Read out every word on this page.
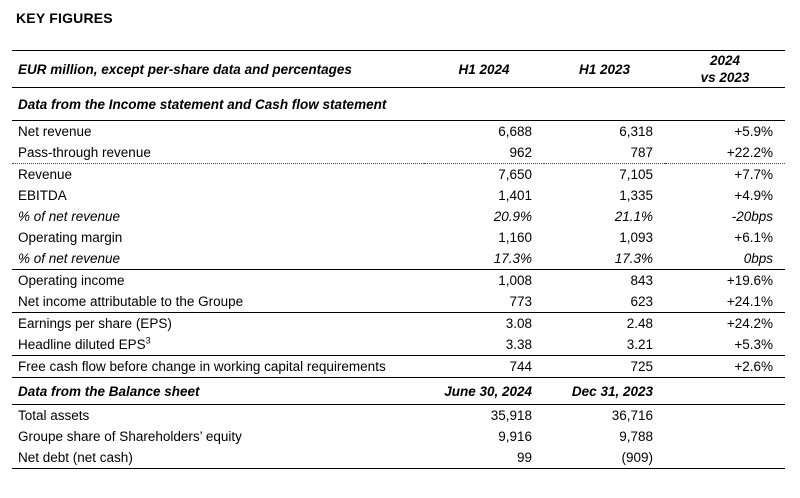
KEY FIGURES
EUR million, except per-share data and percentages	H1 2024	H1 2023	2024
vs 2023

Data from the Income statement and Cash flow statement			

Net revenue	6,688	6,318	+5.9%
Pass-through revenue	962	787	+22.2%
Revenue	7,650	7,105	+7.7%
EBITDA	1,401	1,335	+4.9%
% of net revenue	20.9%	21.1%	-20bps
Operating margin	1,160	1,093	+6.1%
% of net revenue	17.3%	17.3%	0bps
Operating income	1,008	843	+19.6%
Net income attributable to the Groupe	773	623	+24.1%
Earnings per share (EPS)	3.08	2.48	+24.2%
Headline diluted EPS$^3$	3.38	3.21	+5.3%
Free cash flow before change in working capital requirements	744	725	+2.6%
Data from the Balance sheet	June 30, 2024	Dec 31, 2023	
Total assets	35,918	36,716	
Groupe share of Shareholders’ equity	9,916	9,788	
Net debt (net cash)	99	(909)	
